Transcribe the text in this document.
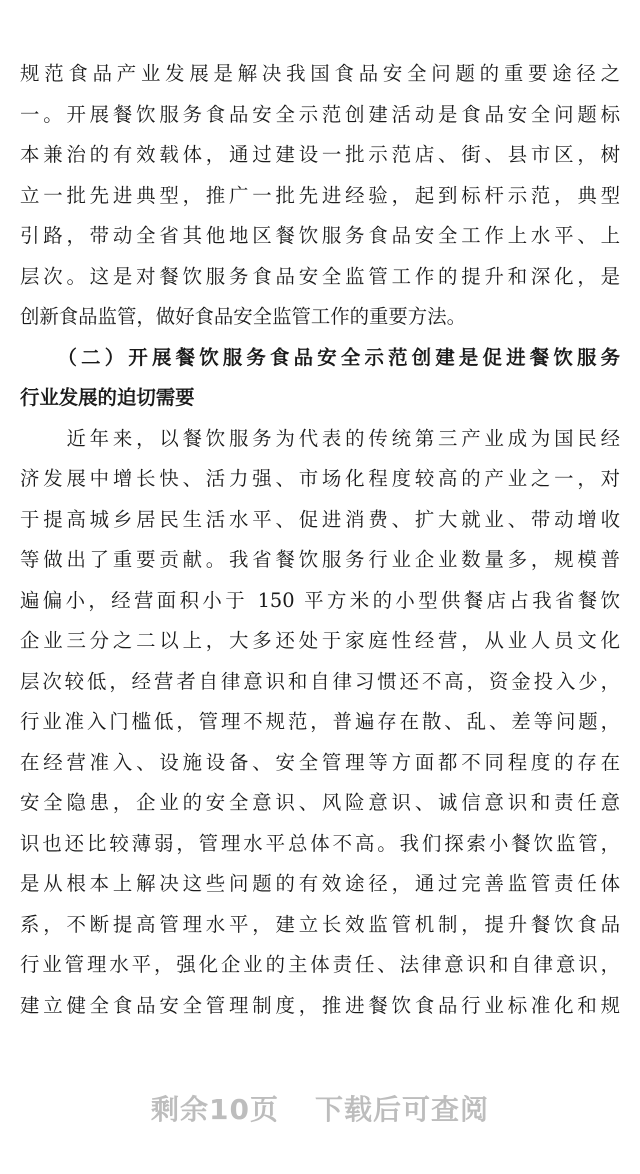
规范食品产业发展是解决我国食品安全问题的重要途径之
一。开展餐饮服务食品安全示范创建活动是食品安全问题标
本兼治的有效载体，通过建设一批示范店、街、县市区，树
立一批先进典型，推广一批先进经验，起到标杆示范，典型
引路，带动全省其他地区餐饮服务食品安全工作上水平、上
层次。这是对餐饮服务食品安全监管工作的提升和深化，是
创新食品监管，做好食品安全监管工作的重要方法。
　　（二）开展餐饮服务食品安全示范创建是促进餐饮服务
行业发展的迫切需要
　　近年来，以餐饮服务为代表的传统第三产业成为国民经
济发展中增长快、活力强、市场化程度较高的产业之一，对
于提高城乡居民生活水平、促进消费、扩大就业、带动增收
等做出了重要贡献。我省餐饮服务行业企业数量多，规模普
遍偏小，经营面积小于 150 平方米的小型供餐店占我省餐饮
企业三分之二以上，大多还处于家庭性经营，从业人员文化
层次较低，经营者自律意识和自律习惯还不高，资金投入少，
行业准入门槛低，管理不规范，普遍存在散、乱、差等问题，
在经营准入、设施设备、安全管理等方面都不同程度的存在
安全隐患，企业的安全意识、风险意识、诚信意识和责任意
识也还比较薄弱，管理水平总体不高。我们探索小餐饮监管，
是从根本上解决这些问题的有效途径，通过完善监管责任体
系，不断提高管理水平，建立长效监管机制，提升餐饮食品
行业管理水平，强化企业的主体责任、法律意识和自律意识，
建立健全食品安全管理制度，推进餐饮食品行业标准化和规
剩余10页 下载后可查阅
